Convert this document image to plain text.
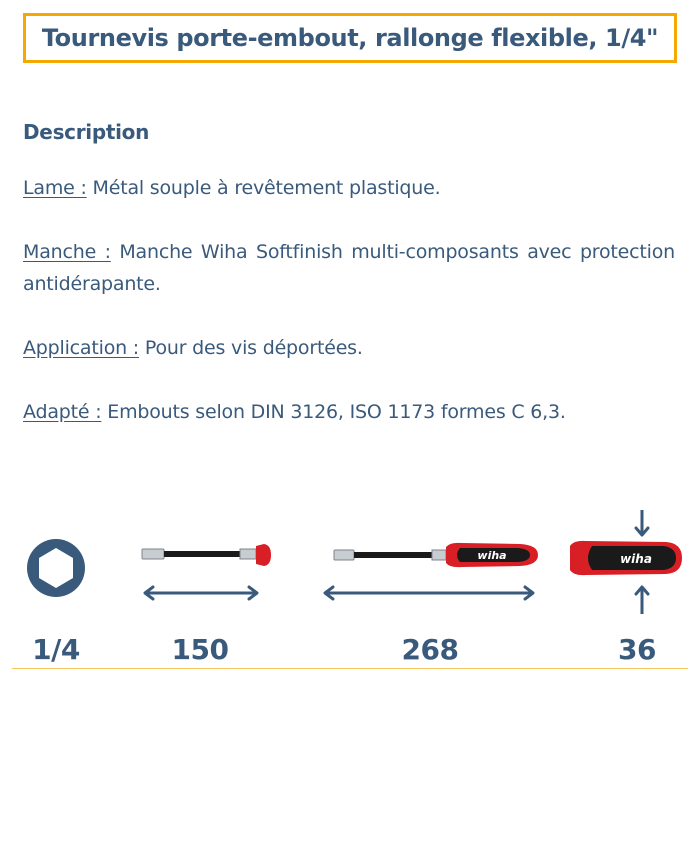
Tournevis porte-embout, rallonge flexible, 1/4"
Description
Lame : Métal souple à revêtement plastique.
Manche : Manche Wiha Softfinish multi-composants avec protection antidérapante.
Application : Pour des vis déportées.
Adapté : Embouts selon DIN 3126, ISO 1173 formes C 6,3.
wiha	wiha
1/4	150	268	36
